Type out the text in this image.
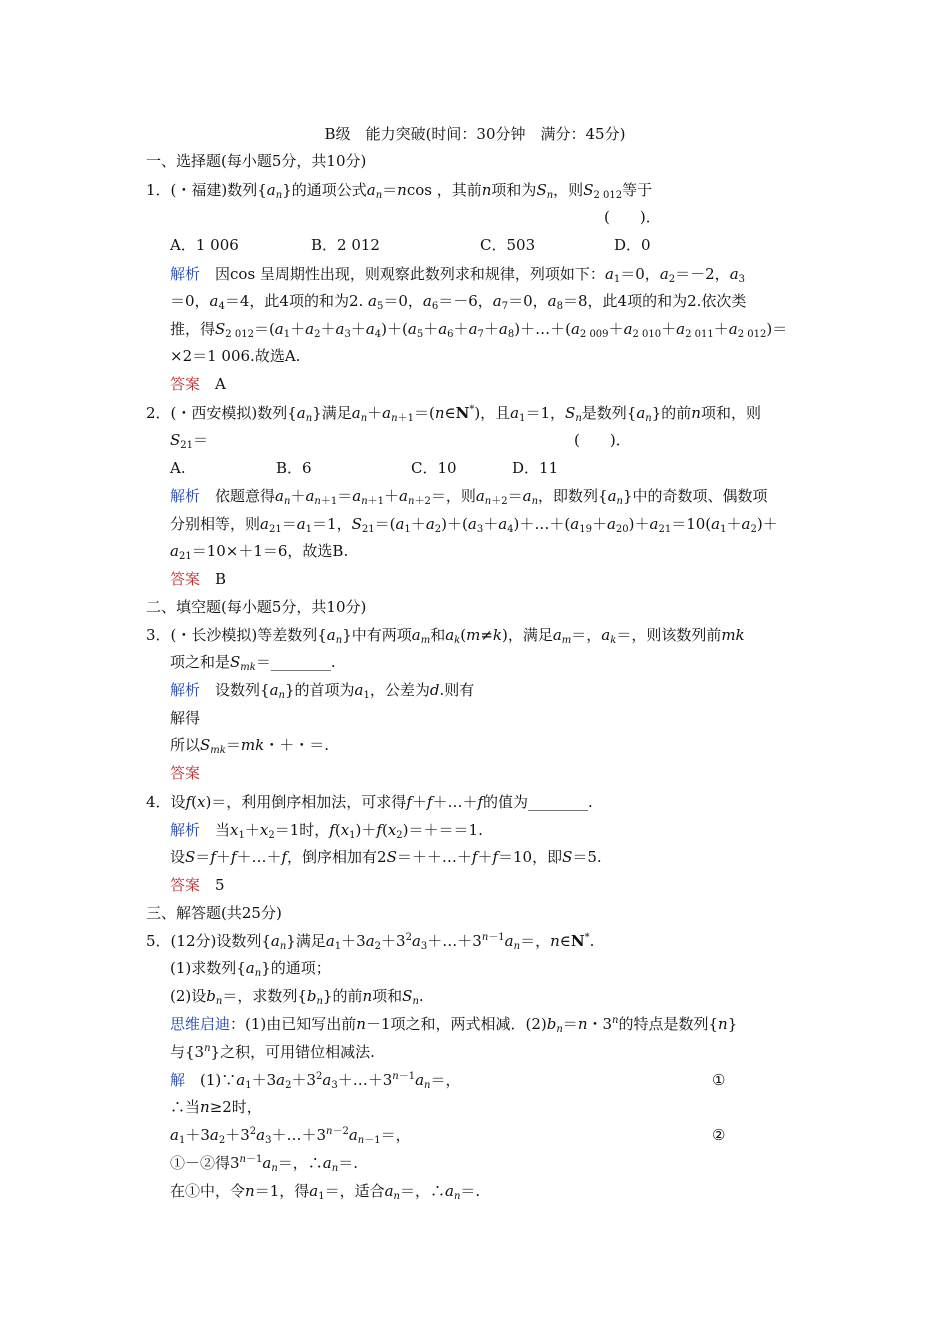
B级　能力突破(时间：30分钟　满分：45分)
一、选择题(每小题5分，共10分)
1．(・福建)数列$\{a_n\}$的通项公式$a_n=ncos$ ，其前n项和为$S_n$，则$S_{2 012}$等于
(　　)．
A．1 006	B．2 012	C．503	D．0
解析　 因cos 呈周期性出现，则观察此数列求和规律，列项如下：$a_1=0$，$a_2=-2$，$a_3$
＝0，$a_4=4$，此4项的和为2. $a_5=0$，$a_6=-6$，$a_7=0$，$a_8=8$，此4项的和为2.依次类
推，得$S_{2 012}=(a_1+a_2+a_3+a_4)+(a_5+a_6+a_7+a_8)+\dots+(a_{2 009}+a_{2 010}+a_{2 011}+a_{2 012})=$
×2＝1 006.故选A.
答案　 A
2．(・西安模拟)数列$\{a_n\}$满足$a_n+a_{n+1}=(n\in N^*)$，且$a_1=1$，$S_n$是数列$\{a_n\}$的前n项和，则
$S_{21}=$	(　　)．
A.	B．6	C．10	D．11
解析　依题意得$a_n+a_{n+1}=a_{n+1}+a_{n+2}=$，则$a_{n+2}=a_n$，即数列$\{a_n\}$中的奇数项、偶数项
分别相等，则$a_{21}=a_1=1$，$S_{21}=(a_1+a_2)+(a_3+a_4)+\dots+(a_{19}+a_{20})+a_{21}=10(a_1+a_2)+$
$a_{21}=10\times+1=6$，故选B.
答案　 B
二、填空题(每小题5分，共10分)
3．(・长沙模拟)等差数列$\{a_n\}$中有两项$a_m$和$a_k(m\ne k)$，满足$a_m=$，$a_k=$，则该数列前mk
项之和是$S_{mk}=\_\_\_\_\_\_\_\_$.
解析　设数列$\{a_n\}$的首项为$a_1$，公差为d.则有
解得
所以$S_{mk}=mk$・＋・＝.
答案
4．设f(x)＝，利用倒序相加法，可求得f＋f＋…＋f的值为________.
解析　当$x_1+x_2=1$时，$f(x_1)+f(x_2)=+==1$.
设S＝f＋f＋…＋f，倒序相加有2S＝＋＋…＋f＋f＝10，即S＝5.
答案　 5
三、解答题(共25分)
5．(12分)设数列$\{a_n\}$满足$a_1+3a_2+3^2a_3+\dots+3^{n-1}a_n=$，n∈N*.
(1)求数列$\{a_n\}$的通项；
(2)设$b_n=$，求数列$\{b_n\}$的前n项和$S_n$.
思维启迪：(1)由已知写出前n－1项之和，两式相减．$(2)b_n=n$・3$^n$的特点是数列{n}
与{3$^n$}之积，可用错位相减法.
解　$(1)\because a_1+3a_2+3^2a_3+\dots+3^{n-1}a_n=$，	①
∴当n≥2时，
$a_1+3a_2+3^2a_3+\dots+3^{n-2}a_{n-1}=$，	②
①－②得$3^{n-1}a_n=$，$\therefore a_n=$.
在①中，令n＝1，得$a_1=$，适合$a_n=$，$\therefore a_n=$.
